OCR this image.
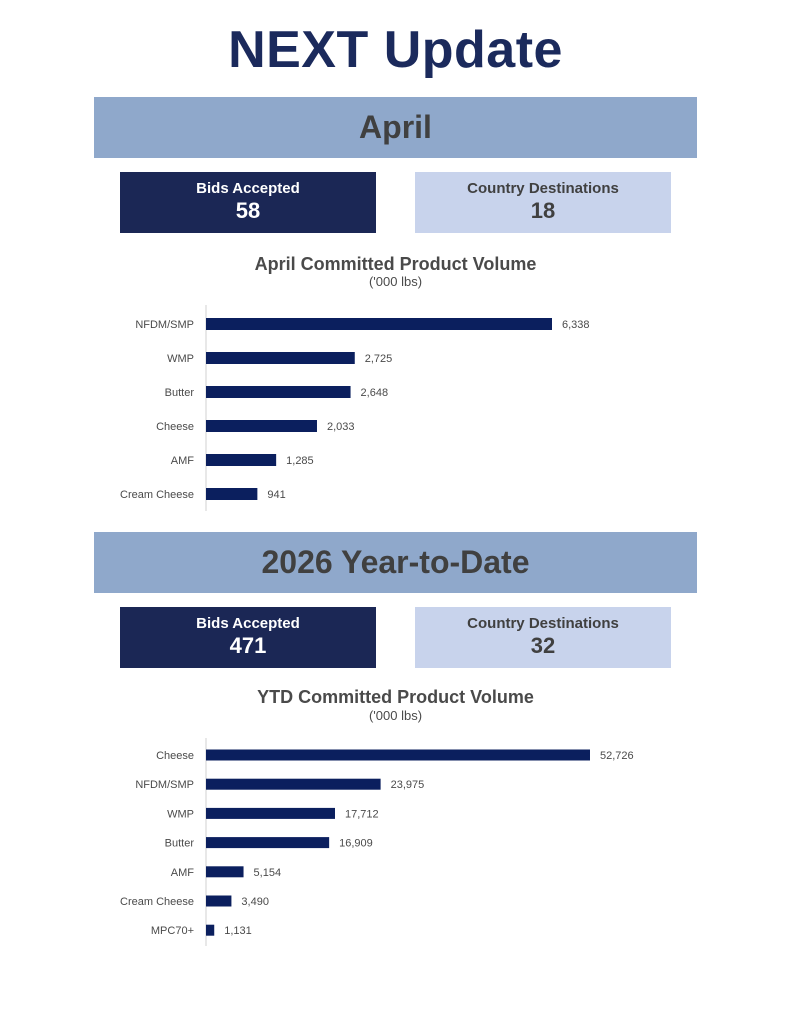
NEXT Update
April
Bids Accepted
58
Country Destinations
18
April Committed Product Volume
('000 lbs)
NFDM/SMP	6,338
WMP	2,725
Butter	2,648
Cheese	2,033
AMF	1,285
Cream Cheese	941
2026 Year-to-Date
Bids Accepted
471
Country Destinations
32
YTD Committed Product Volume
('000 lbs)
Cheese	52,726
NFDM/SMP	23,975
WMP	17,712
Butter	16,909
AMF	5,154
Cream Cheese	3,490
MPC70+	1,131
